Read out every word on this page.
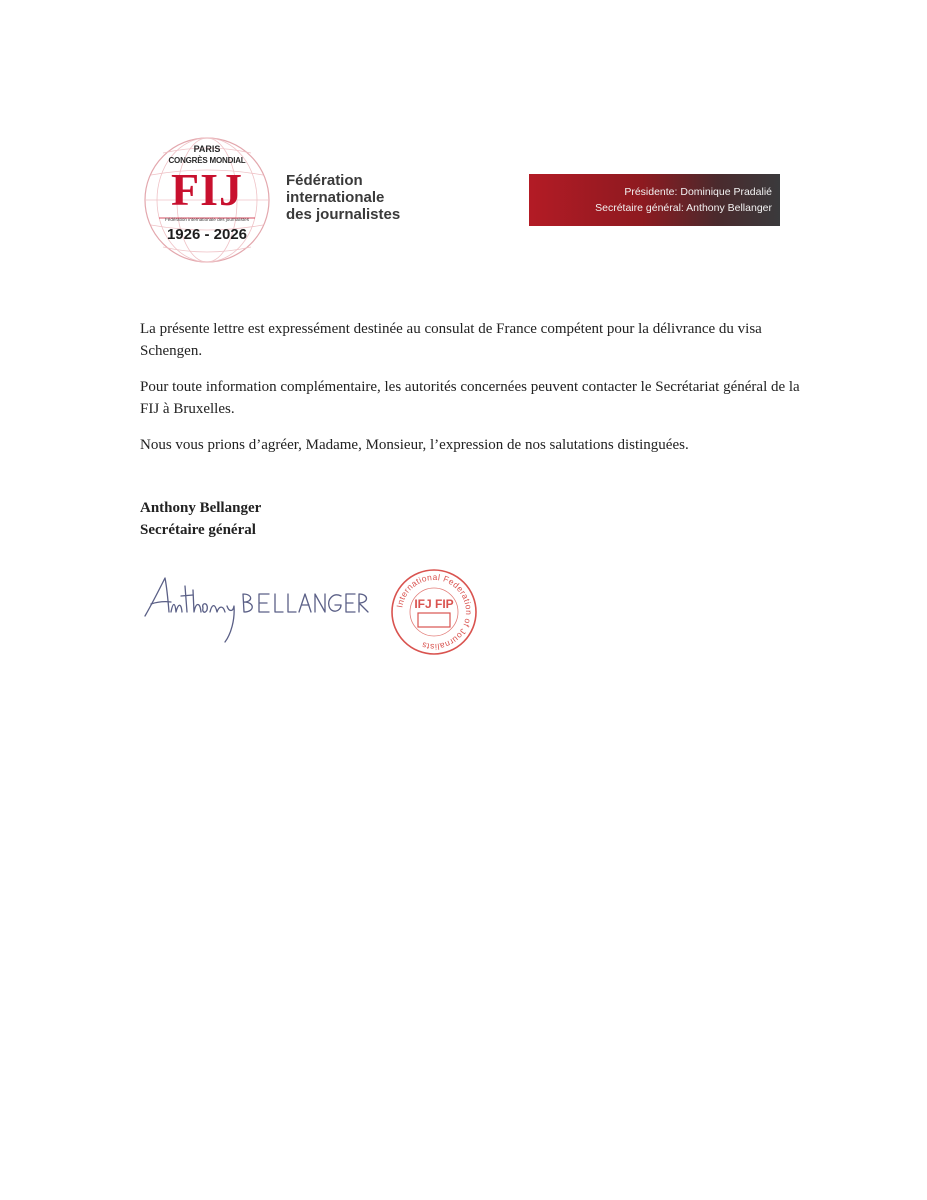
PARIS
CONGRÈS MONDIAL
FIJ
Fédération internationale des journalistes
1926 - 2026
Fédération
internationale
des journalistes
Présidente: Dominique Pradalié
Secrétaire général: Anthony Bellanger

La présente lettre est expressément destinée au consulat de France compétent pour la délivrance du visa Schengen.

Pour toute information complémentaire, les autorités concernées peuvent contacter le Secrétariat général de la FIJ à Bruxelles.

Nous vous prions d’agréer, Madame, Monsieur, l’expression de nos salutations distinguées.

Anthony Bellanger
Secrétaire général
International Federation of Journalists
IFJ FIP
